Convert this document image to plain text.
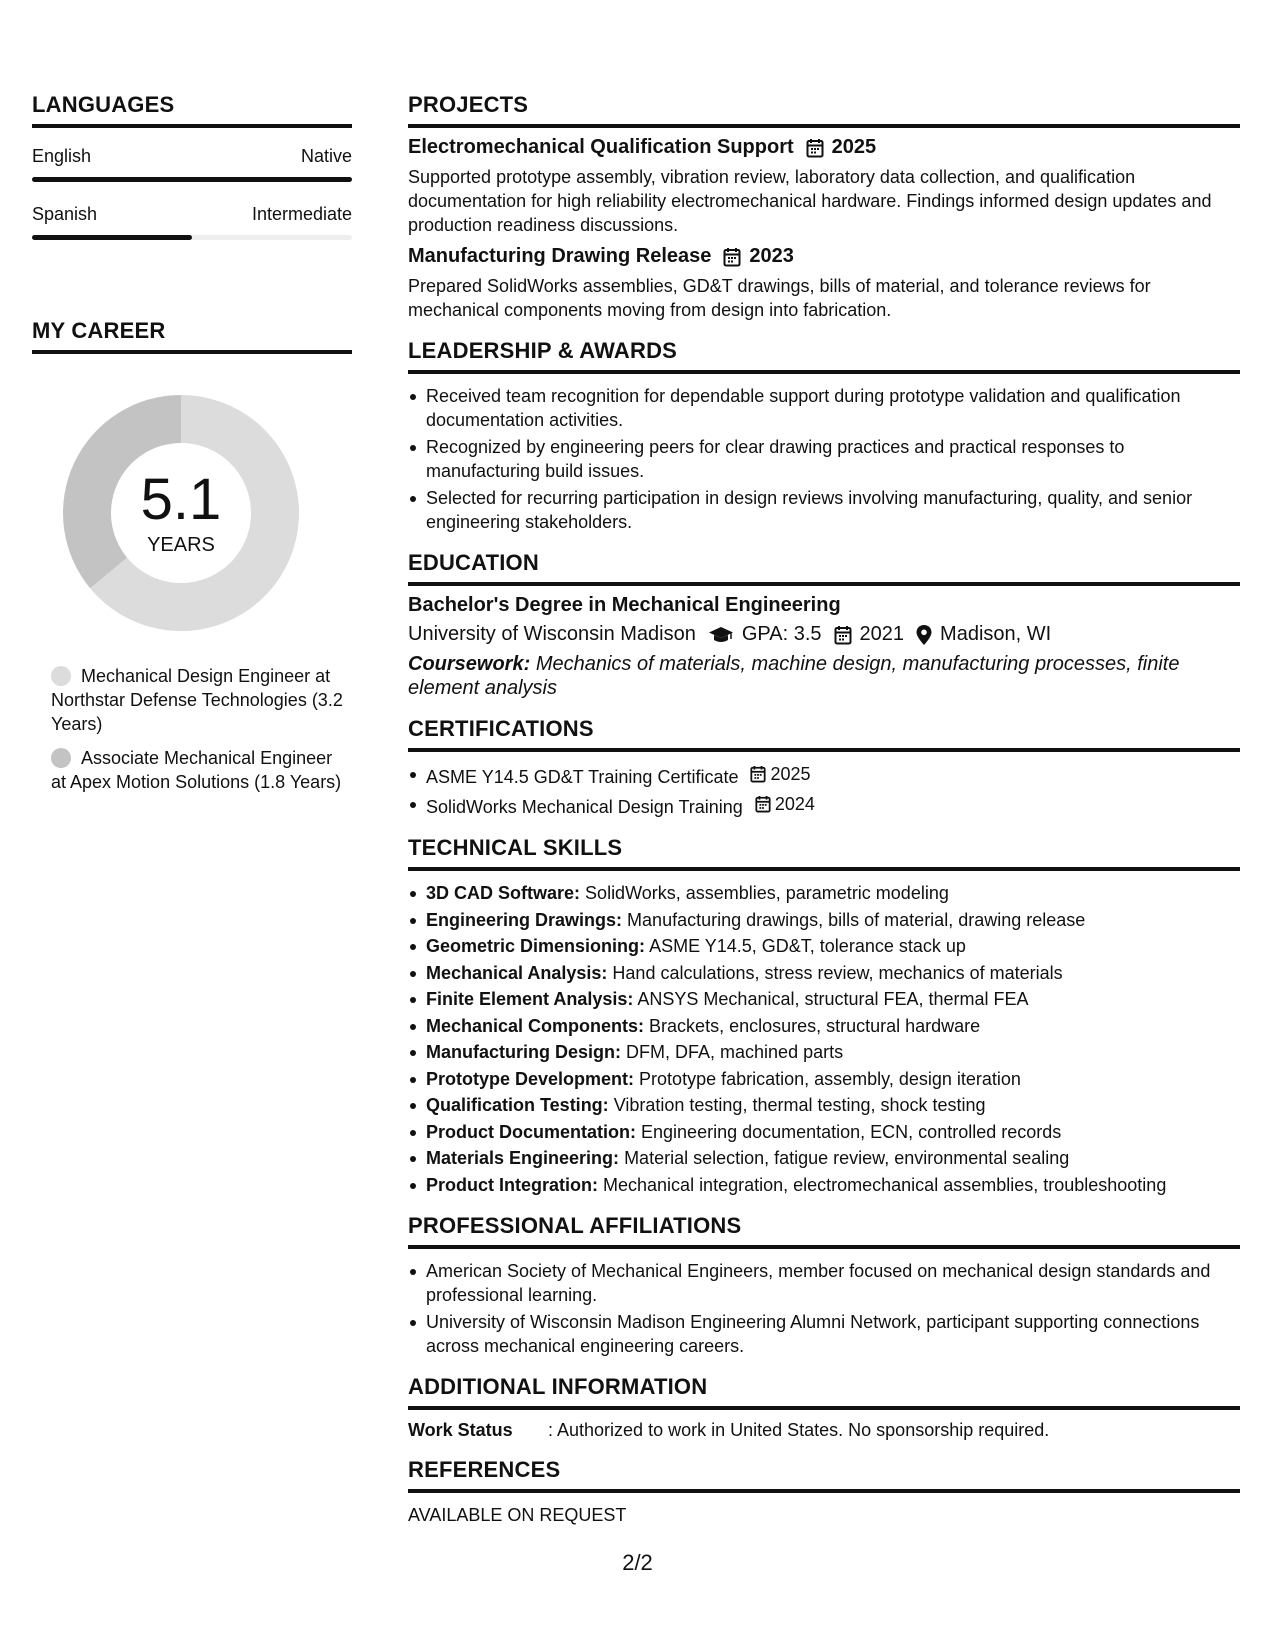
LANGUAGES
English	Native
Spanish	Intermediate
MY CAREER
5.1
YEARS
Mechanical Design Engineer at Northstar Defense Technologies (3.2 Years)
Associate Mechanical Engineer at Apex Motion Solutions (1.8 Years)
PROJECTS
Electromechanical Qualification Support 2025
Supported prototype assembly, vibration review, laboratory data collection, and qualification documentation for high reliability electromechanical hardware. Findings informed design updates and production readiness discussions.
Manufacturing Drawing Release 2023
Prepared SolidWorks assemblies, GD&T drawings, bills of material, and tolerance reviews for mechanical components moving from design into fabrication.
LEADERSHIP & AWARDS
Received team recognition for dependable support during prototype validation and qualification documentation activities.
Recognized by engineering peers for clear drawing practices and practical responses to manufacturing build issues.
Selected for recurring participation in design reviews involving manufacturing, quality, and senior engineering stakeholders.
EDUCATION
Bachelor's Degree in Mechanical Engineering
University of Wisconsin Madison GPA: 3.5 2021 Madison, WI
Coursework: Mechanics of materials, machine design, manufacturing processes, finite element analysis
CERTIFICATIONS
ASME Y14.5 GD&T Training Certificate 2025
SolidWorks Mechanical Design Training 2024
TECHNICAL SKILLS
3D CAD Software: SolidWorks, assemblies, parametric modeling
Engineering Drawings: Manufacturing drawings, bills of material, drawing release
Geometric Dimensioning: ASME Y14.5, GD&T, tolerance stack up
Mechanical Analysis: Hand calculations, stress review, mechanics of materials
Finite Element Analysis: ANSYS Mechanical, structural FEA, thermal FEA
Mechanical Components: Brackets, enclosures, structural hardware
Manufacturing Design: DFM, DFA, machined parts
Prototype Development: Prototype fabrication, assembly, design iteration
Qualification Testing: Vibration testing, thermal testing, shock testing
Product Documentation: Engineering documentation, ECN, controlled records
Materials Engineering: Material selection, fatigue review, environmental sealing
Product Integration: Mechanical integration, electromechanical assemblies, troubleshooting
PROFESSIONAL AFFILIATIONS
American Society of Mechanical Engineers, member focused on mechanical design standards and professional learning.
University of Wisconsin Madison Engineering Alumni Network, participant supporting connections across mechanical engineering careers.
ADDITIONAL INFORMATION
Work Status	: Authorized to work in United States. No sponsorship required.
REFERENCES
AVAILABLE ON REQUEST
2/2
